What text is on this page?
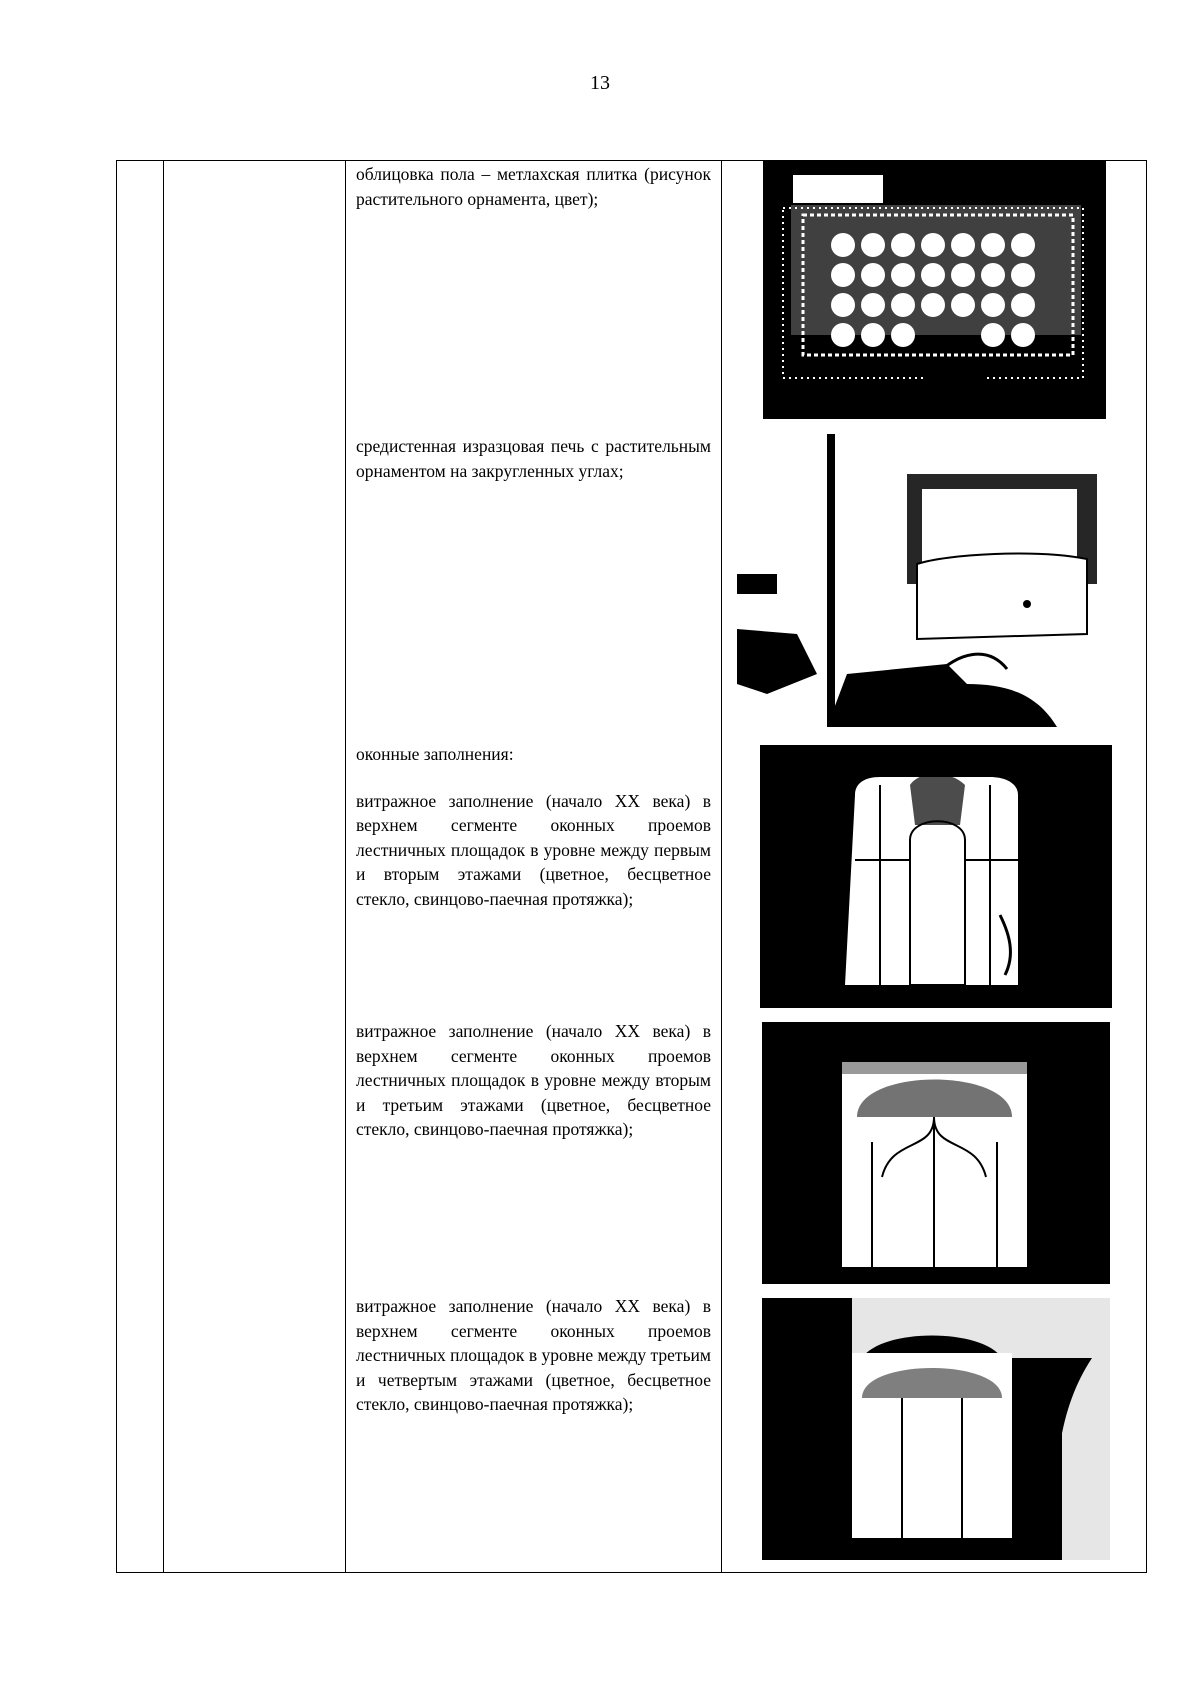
13

облицовка пола – метлахская плитка (рисунок растительного орнамента, цвет);

средистенная изразцовая печь с растительным орнаментом на закругленных углах;

оконные заполнения:

витражное заполнение (начало XX века) в верхнем сегменте оконных проемов лестничных площадок в уровне между первым и вторым этажами (цветное, бесцветное стекло, свинцово-паечная протяжка);

витражное заполнение (начало XX века) в верхнем сегменте оконных проемов лестничных площадок в уровне между вторым и третьим этажами (цветное, бесцветное стекло, свинцово-паечная протяжка);

витражное заполнение (начало XX века) в верхнем сегменте оконных проемов лестничных площадок в уровне между третьим и четвертым этажами (цветное, бесцветное стекло, свинцово-паечная протяжка);
